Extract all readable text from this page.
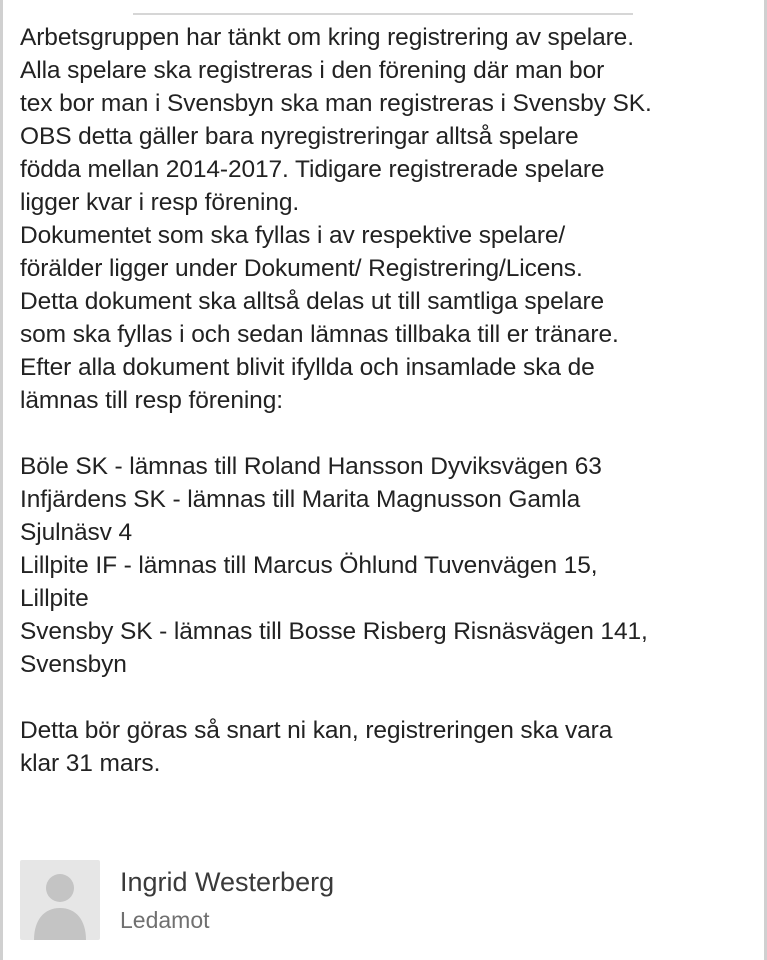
Arbetsgruppen har tänkt om kring registrering av spelare.
Alla spelare ska registreras i den förening där man bor
tex bor man i Svensbyn ska man registreras i Svensby SK.
OBS detta gäller bara nyregistreringar alltså spelare
födda mellan 2014-2017. Tidigare registrerade spelare
ligger kvar i resp förening.
Dokumentet som ska fyllas i av respektive spelare/
förälder ligger under Dokument/ Registrering/Licens.
Detta dokument ska alltså delas ut till samtliga spelare
som ska fyllas i och sedan lämnas tillbaka till er tränare.
Efter alla dokument blivit ifyllda och insamlade ska de
lämnas till resp förening:

Böle SK - lämnas till Roland Hansson Dyviksvägen 63
Infjärdens SK - lämnas till Marita Magnusson Gamla
Sjulnäsv 4
Lillpite IF - lämnas till Marcus Öhlund Tuvenvägen 15,
Lillpite
Svensby SK - lämnas till Bosse Risberg Risnäsvägen 141,
Svensbyn

Detta bör göras så snart ni kan, registreringen ska vara
klar 31 mars.

Ingrid Westerberg
Ledamot
